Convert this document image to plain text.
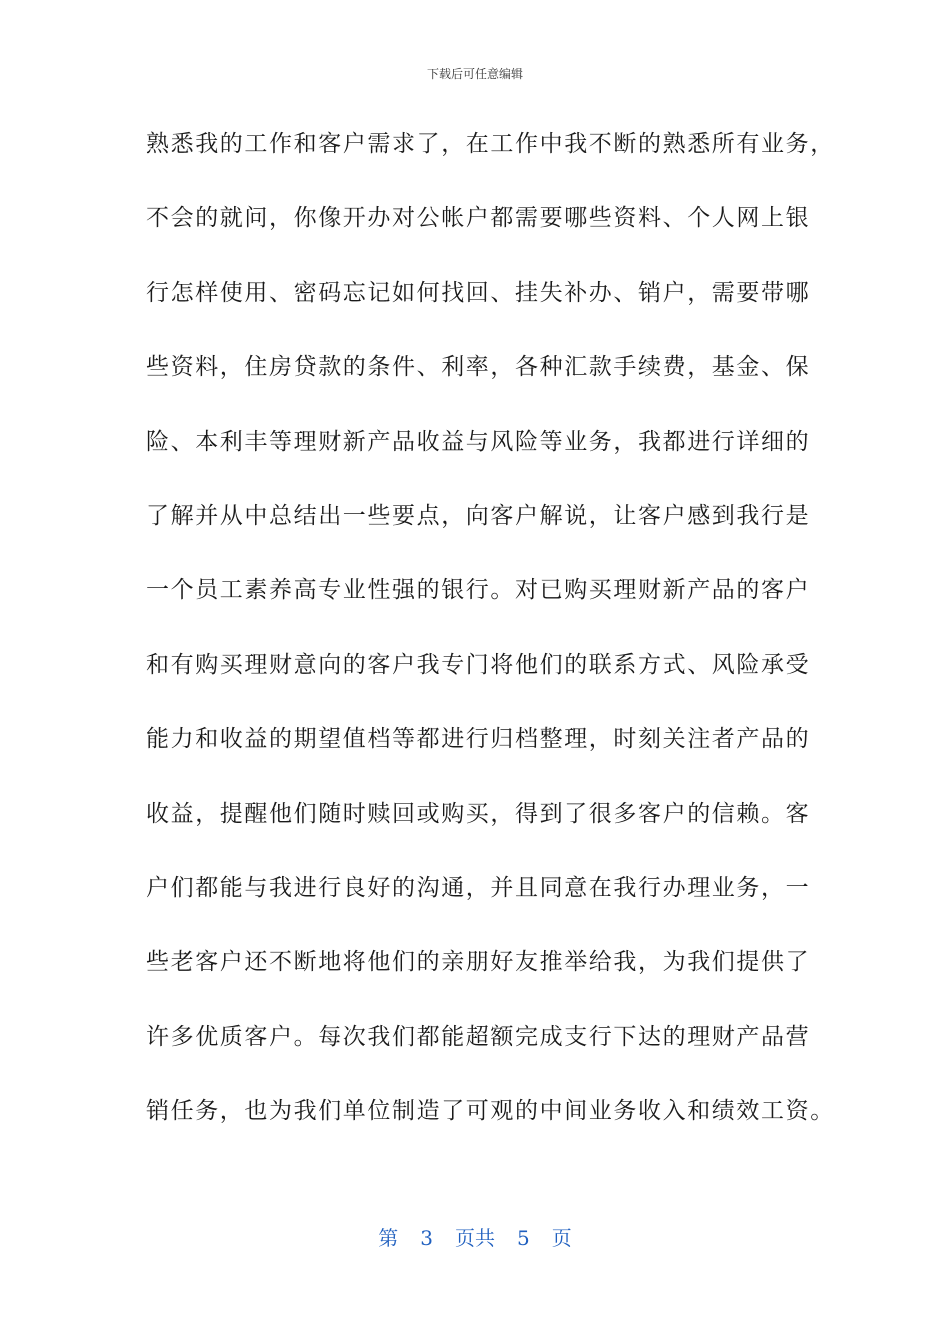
下载后可任意编辑
熟悉我的工作和客户需求了，在工作中我不断的熟悉所有业务，
不会的就问，你像开办对公帐户都需要哪些资料、个人网上银
行怎样使用、密码忘记如何找回、挂失补办、销户，需要带哪
些资料，住房贷款的条件、利率，各种汇款手续费，基金、保
险、本利丰等理财新产品收益与风险等业务，我都进行详细的
了解并从中总结出一些要点，向客户解说，让客户感到我行是
一个员工素养高专业性强的银行。对已购买理财新产品的客户
和有购买理财意向的客户我专门将他们的联系方式、风险承受
能力和收益的期望值档等都进行归档整理，时刻关注者产品的
收益，提醒他们随时赎回或购买，得到了很多客户的信赖。客
户们都能与我进行良好的沟通，并且同意在我行办理业务，一
些老客户还不断地将他们的亲朋好友推举给我，为我们提供了
许多优质客户。每次我们都能超额完成支行下达的理财产品营
销任务，也为我们单位制造了可观的中间业务收入和绩效工资。
第 3 页共 5 页
